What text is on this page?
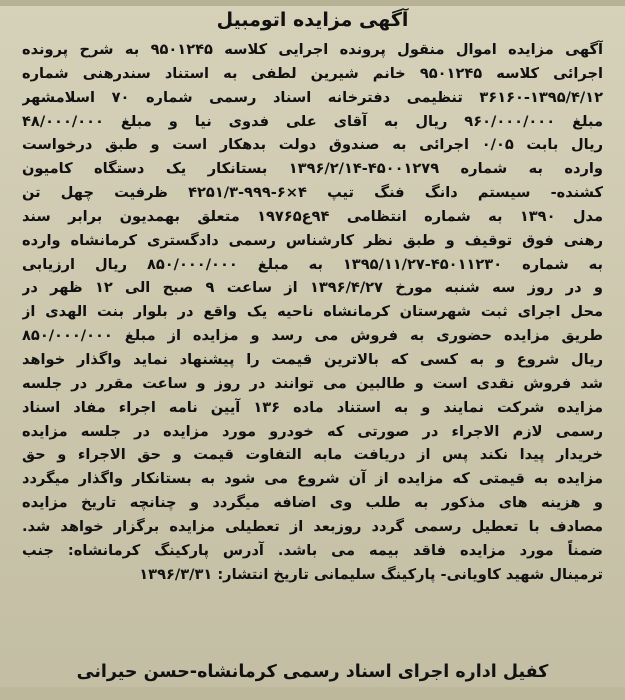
آگهی مزایده اتومبیل
آگهی مزایده اموال منقول پرونده اجرایی کلاسه ۹۵۰۱۲۴۵ به شرح پرونده
اجرائی کلاسه ۹۵۰۱۲۴۵ خانم شیرین لطفی به استناد سندرهنی شماره
۳۶۱۶۰-۱۳۹۵/۴/۱۲ تنظیمی دفترخانه اسناد رسمی شماره ۷۰ اسلامشهر
مبلغ ۹۶۰/۰۰۰/۰۰۰ ریال به آقای علی فدوی نیا و مبلغ ۴۸/۰۰۰/۰۰۰
ریال بابت ۰/۰۵ اجرائی به صندوق دولت بدهکار است و طبق درخواست
وارده به شماره ۴۵۰۰۱۲۷۹-۱۳۹۶/۲/۱۴ بستانکار یک دستگاه کامیون
کشنده- سیستم دانگ فنگ تیپ ۴×۶-۹۹۹-۴۲۵۱/۳ ظرفیت چهل تن
مدل ۱۳۹۰ به شماره انتظامی ۹۴ع۱۹۷۶۵ متعلق بهمدیون برابر سند
رهنی فوق توقیف و طبق نظر کارشناس رسمی دادگستری کرمانشاه وارده
به شماره ۴۵۰۱۱۲۳۰-۱۳۹۵/۱۱/۲۷ به مبلغ ۸۵۰/۰۰۰/۰۰۰ ریال ارزیابی
و در روز سه شنبه مورخ ۱۳۹۶/۴/۲۷ از ساعت ۹ صبح الی ۱۲ ظهر در
محل اجرای ثبت شهرستان کرمانشاه ناحیه یک واقع در بلوار بنت الهدی از
طریق مزایده حضوری به فروش می رسد و مزایده از مبلغ ۸۵۰/۰۰۰/۰۰۰
ریال شروع و به کسی که بالاترین قیمت را پیشنهاد نماید واگذار خواهد
شد فروش نقدی است و طالبین می توانند در روز و ساعت مقرر در جلسه
مزایده شرکت نمایند و به استناد ماده ۱۳۶ آیین نامه اجراء مفاد اسناد
رسمی لازم الاجراء در صورتی که خودرو مورد مزایده در جلسه مزایده
خریدار پیدا نکند پس از دریافت مابه التفاوت قیمت و حق الاجراء و حق
مزایده به قیمتی که مزایده از آن شروع می شود به بستانکار واگذار میگردد
و هزینه های مذکور به طلب وی اضافه میگردد و چنانچه تاریخ مزایده
مصادف با تعطیل رسمی گردد روزبعد از تعطیلی مزایده برگزار خواهد شد.
ضمناً مورد مزایده فاقد بیمه می باشد. آدرس پارکینگ کرمانشاه: جنب
ترمینال شهید کاویانی- پارکینگ سلیمانی تاریخ انتشار: ۱۳۹۶/۳/۳۱
کفیل اداره اجرای اسناد رسمی کرمانشاه-حسن حیرانی
